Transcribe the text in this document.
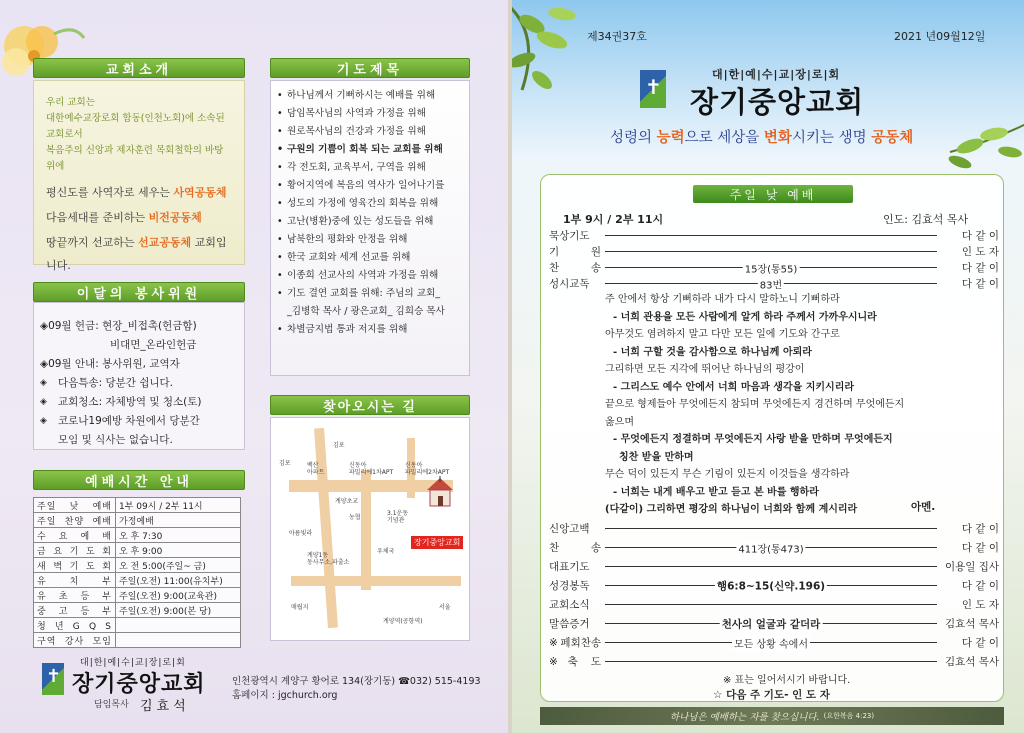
교회소개
우리 교회는
대한예수교장로회 합동(인천노회)에 소속된 교회로서
복음주의 신앙과 제자훈련 목회철학의 바탕위에
평신도를 사역자로 세우는 사역공동체
다음세대를 준비하는 비전공동체
땅끝까지 선교하는 선교공동체 교회입니다.
이달의 봉사위원
◈09월 헌금: 현장_비접촉(헌금함)
비대면_온라인헌금
◈09월 안내: 봉사위원, 교역자
◈	다음특송: 당분간 쉽니다.
◈	교회청소: 자체방역 및 청소(토)
◈	코로나19예방 차원에서 당분간
모임 및 식사는 없습니다.
예배시간 안내
주일 낮 예배	1부 09시 / 2부 11시
주일 찬양 예배	가정예배
수 요 예 배	오 후 7:30
금 요 기 도 회	오 후 9:00
새 벽 기 도 회	오 전 5:00(주일~ 금)
유 치 부	주일(오전) 11:00(유치부)
유 초 등 부	주일(오전) 9:00(교육관)
중 고 등 부	주일(오전) 9:00(본 당)
청 년 G Q S	
구역 강사 모임	
기도제목
• 하나님께서 기뻐하시는 예배를 위해
• 담임목사님의 사역과 가정을 위해
• 원로목사님의 건강과 가정을 위해
• 구원의 기쁨이 회복 되는 교회를 위해
• 각 전도회, 교육부서, 구역을 위해
• 황어지역에 복음의 역사가 일어나기를
• 성도의 가정에 영육간의 회복을 위해
• 고난(병환)중에 있는 성도들을 위해
• 남북한의 평화와 안정을 위해
• 한국 교회와 세계 선교를 위해
• 이종희 선교사의 사역과 가정을 위해
• 기도 결연 교회를 위해: 주님의 교회_
_김병학 목사 / 광은교회_ 김희승 목사
• 차별금지법 통과 저지를 위해
찾아오시는 길
김포
김포	백산
아파트
신동아
파밀리에1차APT
신동아
파밀리에2차APT
계양초교
농협
3.1운동
기념관
아름빛라
계양1동
동사무소,파출소
우체국
매립지	서울
계양역(공항역)
장기중앙교회
✝
대|한|예|수|교|장|로|회
장기중앙교회
담임목사 김효석
인천광역시 계양구 황어로 134(장기동) ☎032) 515-4193
홈페이지 : jgchurch.org
제34권37호	2021 년09월12일
✝
대|한|예|수|교|장|로|회
장기중앙교회
성령의 능력으로 세상을 변화시키는 생명 공동체
주일 낮 예배
1부 9시 / 2부 11시	인도: 김효석 목사
묵상기도	다 같 이
기 원	인 도 자
찬 송	15장(통55)	다 같 이
성시교독	83번	다 같 이
주 안에서 항상 기뻐하라 내가 다시 말하노니 기뻐하라
- 너희 관용을 모든 사람에게 알게 하라 주께서 가까우시니라
아무것도 염려하지 말고 다만 모든 일에 기도와 간구로
- 너희 구할 것을 감사함으로 하나님께 아뢰라
그리하면 모든 지각에 뛰어난 하나님의 평강이
- 그리스도 예수 안에서 너희 마음과 생각을 지키시리라
끝으로 형제들아 무엇에든지 참되며 무엇에든지 경건하며 무엇에든지
옳으며
- 무엇에든지 정결하며 무엇에든지 사랑 받을 만하며 무엇에든지
칭찬 받을 만하며
무슨 덕이 있든지 무슨 기림이 있든지 이것들을 생각하라
- 너희는 내게 배우고 받고 듣고 본 바를 행하라
(다같이) 그리하면 평강의 하나님이 너희와 함께 계시리라	아멘.
신앙고백	다 같 이
찬 송	411장(통473)	다 같 이
대표기도	이용일 집사
성경봉독	행6:8~15(신약.196)	다 같 이
교회소식	인 도 자
말씀증거	천사의 얼굴과 같더라	김효석 목사
※페회찬송	모든 상황 속에서	다 같 이
※축 도	김효석 목사
※ 표는 일어서시기 바랍니다.
☆ 다음 주 기도- 인 도 자
하나님은 예배하는 자를 찾으십니다. (요한복음 4:23)
